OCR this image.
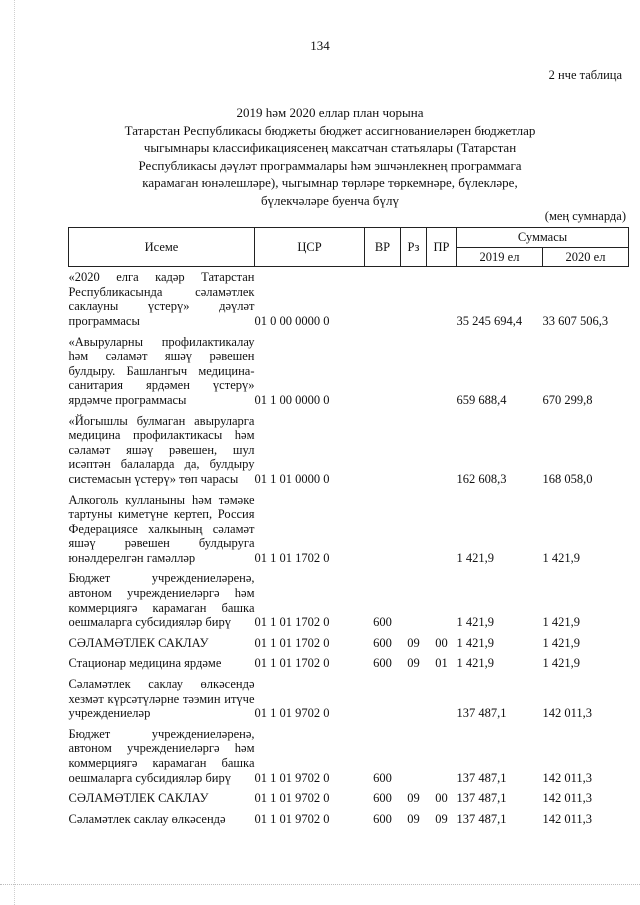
134
2 нче таблица
2019 һәм 2020 еллар план чорына
Татарстан Республикасы бюджеты бюджет ассигнованиеләрен бюджетлар
чыгымнары классификациясенең максатчан статьялары (Татарстан
Республикасы дәүләт программалары һәм эшчәнлекнең программага
карамаган юнәлешләре), чыгымнар төрләре төркемнәре, бүлекләре,
бүлекчәләре буенча бүлү
(мең сумнарда)
Исеме	ЦСР	ВР	Рз	ПР	Суммасы	
					2019 ел	2020 ел
«2020 елга кадәр Татарстан Республикасында сәламәтлек саклауны үстерү» дәүләт программасы	01 0 00 0000 0				35 245 694,4	33 607 506,3
«Авыруларны профилактикалау һәм сәламәт яшәү рәвешен булдыру. Башлангыч медицина-санитария ярдәмен үстерү» ярдәмче программасы	01 1 00 0000 0				659 688,4	670 299,8
«Йогышлы булмаган авыруларга медицина профилактикасы һәм сәламәт яшәү рәвешен, шул исәптән балаларда да, булдыру системасын үстерү» төп чарасы	01 1 01 0000 0				162 608,3	168 058,0
Алкоголь кулланыны һәм тәмәке тартуны киметүне кертеп, Россия Федерациясе халкының сәламәт яшәү рәвешен булдыруга юнәлдерелгән гамәлләр	01 1 01 1702 0				1 421,9	1 421,9
Бюджет учреждениеләренә, автоном учреждениеләргә һәм коммерциягә карамаган башка оешмаларга субсидияләр бирү	01 1 01 1702 0	600			1 421,9	1 421,9
СӘЛАМӘТЛЕК САКЛАУ	01 1 01 1702 0	600	09	00	1 421,9	1 421,9
Стационар медицина ярдәме	01 1 01 1702 0	600	09	01	1 421,9	1 421,9
Сәламәтлек саклау өлкәсендә хезмәт күрсәтүләрне тәэмин итүче учреждениеләр	01 1 01 9702 0				137 487,1	142 011,3
Бюджет учреждениеләренә, автоном учреждениеләргә һәм коммерциягә карамаган башка оешмаларга субсидияләр бирү	01 1 01 9702 0	600			137 487,1	142 011,3
СӘЛАМӘТЛЕК САКЛАУ	01 1 01 9702 0	600	09	00	137 487,1	142 011,3
Сәламәтлек саклау өлкәсендә	01 1 01 9702 0	600	09	09	137 487,1	142 011,3
